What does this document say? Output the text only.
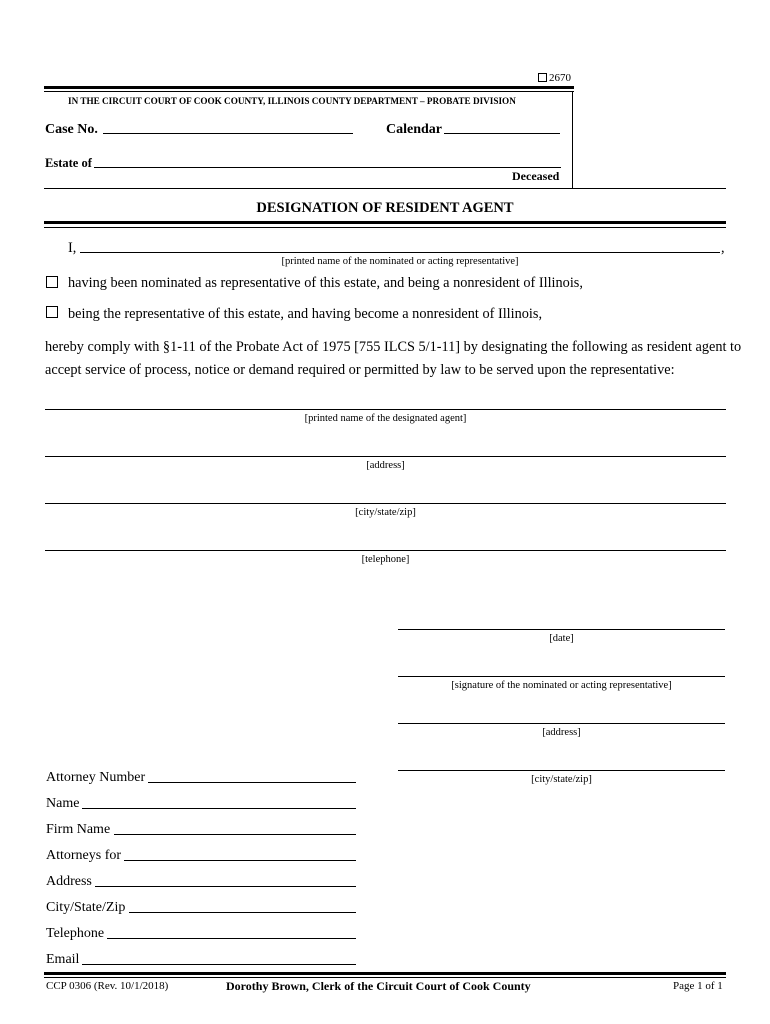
2670
IN THE CIRCUIT COURT OF COOK COUNTY, ILLINOIS COUNTY DEPARTMENT – PROBATE DIVISION
Case No.	Calendar
Estate of
Deceased
DESIGNATION OF RESIDENT AGENT
I,	,
[printed name of the nominated or acting representative]
having been nominated as representative of this estate, and being a nonresident of Illinois,
being the representative of this estate, and having become a nonresident of Illinois,
hereby comply with §1-11 of the Probate Act of 1975 [755 ILCS 5/1-11] by designating the following as resident agent to
accept service of process, notice or demand required or permitted by law to be served upon the representative:
[printed name of the designated agent]
[address]
[city/state/zip]
[telephone]
[date]
[signature of the nominated or acting representative]
[address]
[city/state/zip]
Attorney Number
Name
Firm Name
Attorneys for
Address
City/State/Zip
Telephone
Email
CCP 0306 (Rev. 10/1/2018)	Dorothy Brown, Clerk of the Circuit Court of Cook County	Page 1 of 1
